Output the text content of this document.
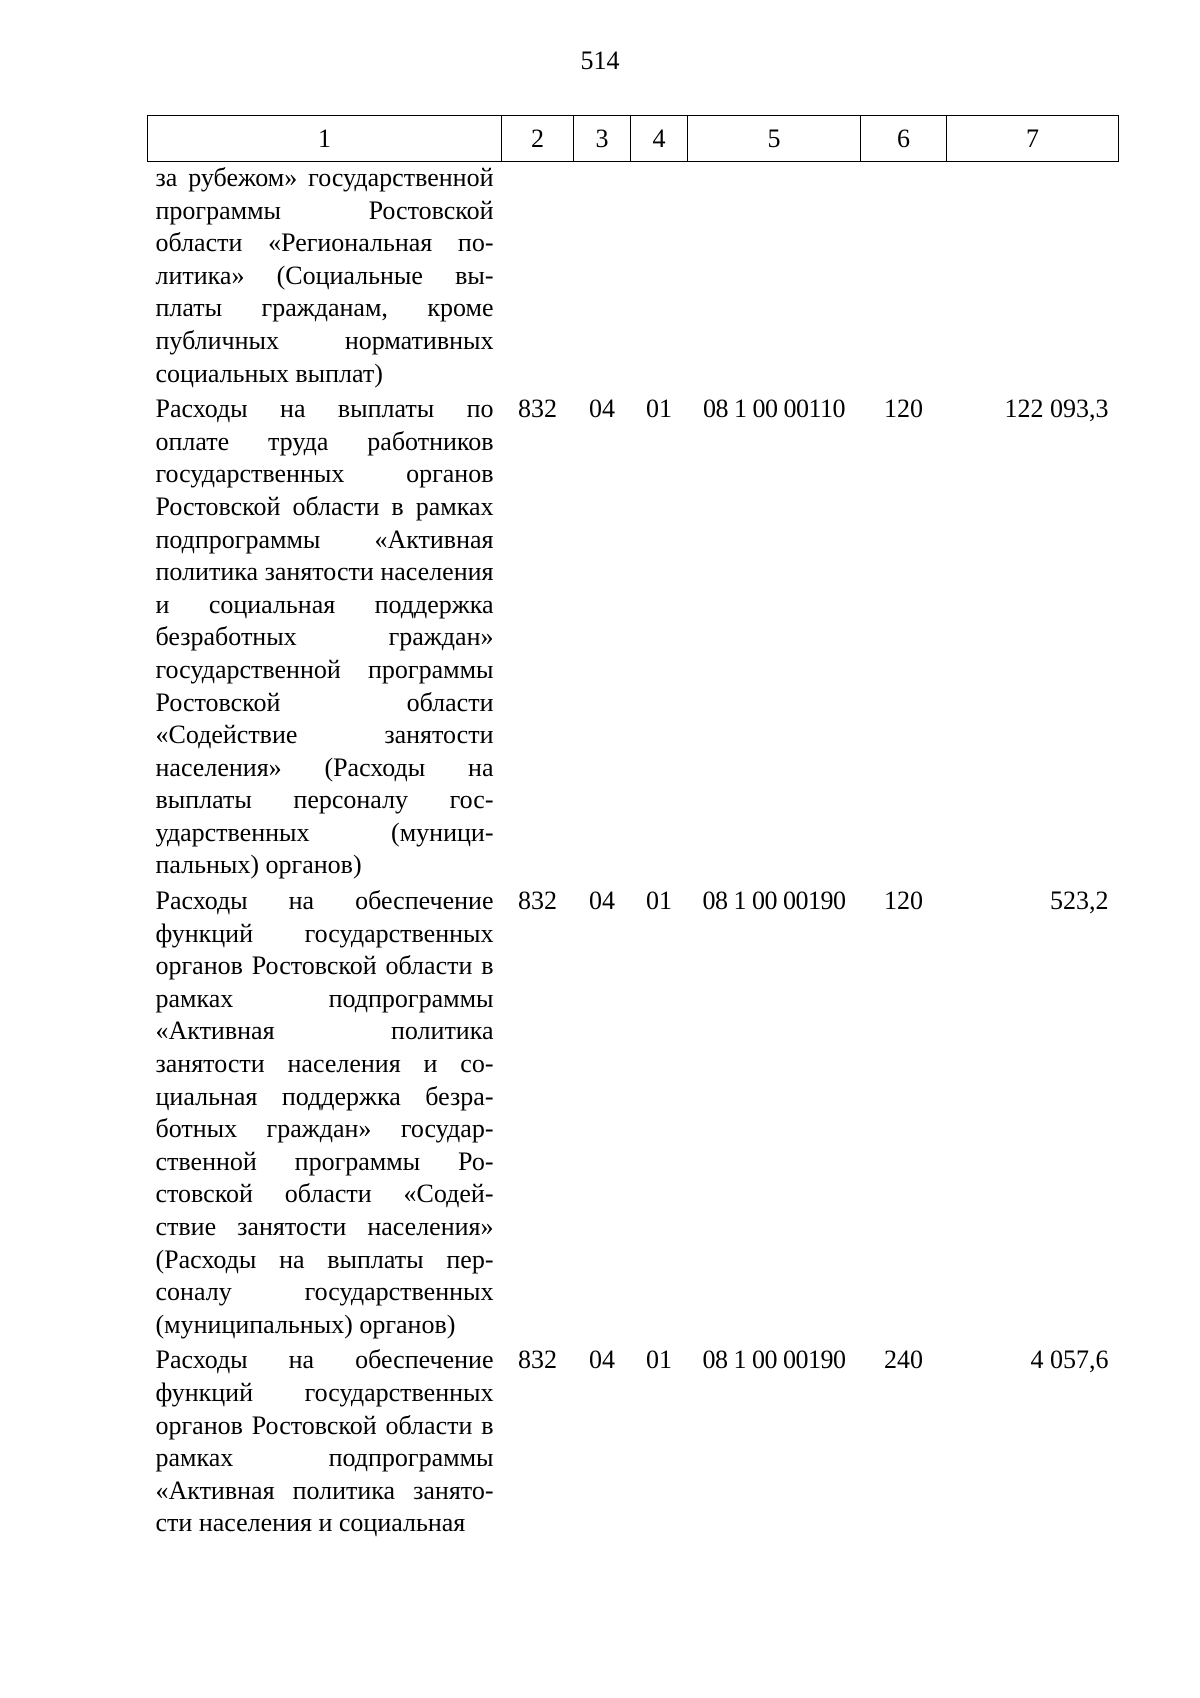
514
1	2	3	4	5	6	7
за рубежом» государственной программы Ростовской области «Региональная политика» (Социальные выплаты гражданам, кроме публичных нормативных социальных выплат)						
Расходы на выплаты по оплате труда работников государственных органов Ростовской области в рамках подпрограммы «Активная политика занятости населения и социальная поддержка безработных граждан» государственной программы Ростовской области «Содействие занятости населения» (Расходы на выплаты персоналу государственных (муниципальных) органов)	832	04	01	08 1 00 00110	120	122 093,3
Расходы на обеспечение функций государственных органов Ростовской области в рамках подпрограммы «Активная политика занятости населения и социальная поддержка безработных граждан» государственной программы Ростовской области «Содействие занятости населения» (Расходы на выплаты персоналу государственных (муниципальных) органов)	832	04	01	08 1 00 00190	120	523,2
Расходы на обеспечение функций государственных органов Ростовской области в рамках подпрограммы «Активная политика занятости населения и социальная	832	04	01	08 1 00 00190	240	4 057,6
